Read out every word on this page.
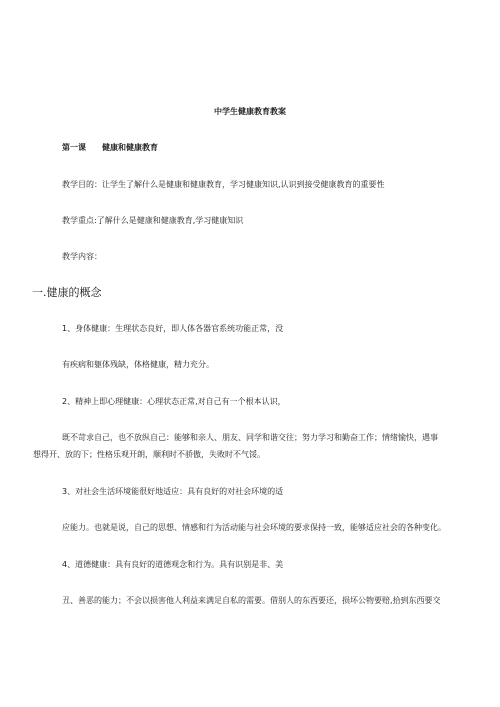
中学生健康教育教案
第一课 健康和健康教育
教学目的：让学生了解什么是健康和健康教育，学习健康知识,认识到接受健康教育的重要性
教学重点:了解什么是健康和健康教育,学习健康知识
教学内容：
一.健康的概念
1、身体健康：生理状态良好，即人体各器官系统功能正常，没
有疾病和躯体残缺，体格健康，精力充分。
2、精神上即心理健康：心理状态正常,对自己有一个根本认识，
既不苛求自己，也不放纵自己：能够和亲人、朋友、同学和谐交往；努力学习和勤奋工作；情绪愉快，遇事
想得开、放的下；性格乐观开朗，顺利时不骄傲，失败时不气馁。
3、对社会生活环境能很好地适应：具有良好的对社会环境的适
应能力。也就是说，自己的思想、情感和行为活动能与社会环境的要求保持一致，能够适应社会的各种变化。
4、道德健康：具有良好的道德观念和行为。具有识别是非、美
丑、善恶的能力；不会以损害他人利益来满足自私的需要。借别人的东西要还，损坏公物要赔,拾到东西要交
